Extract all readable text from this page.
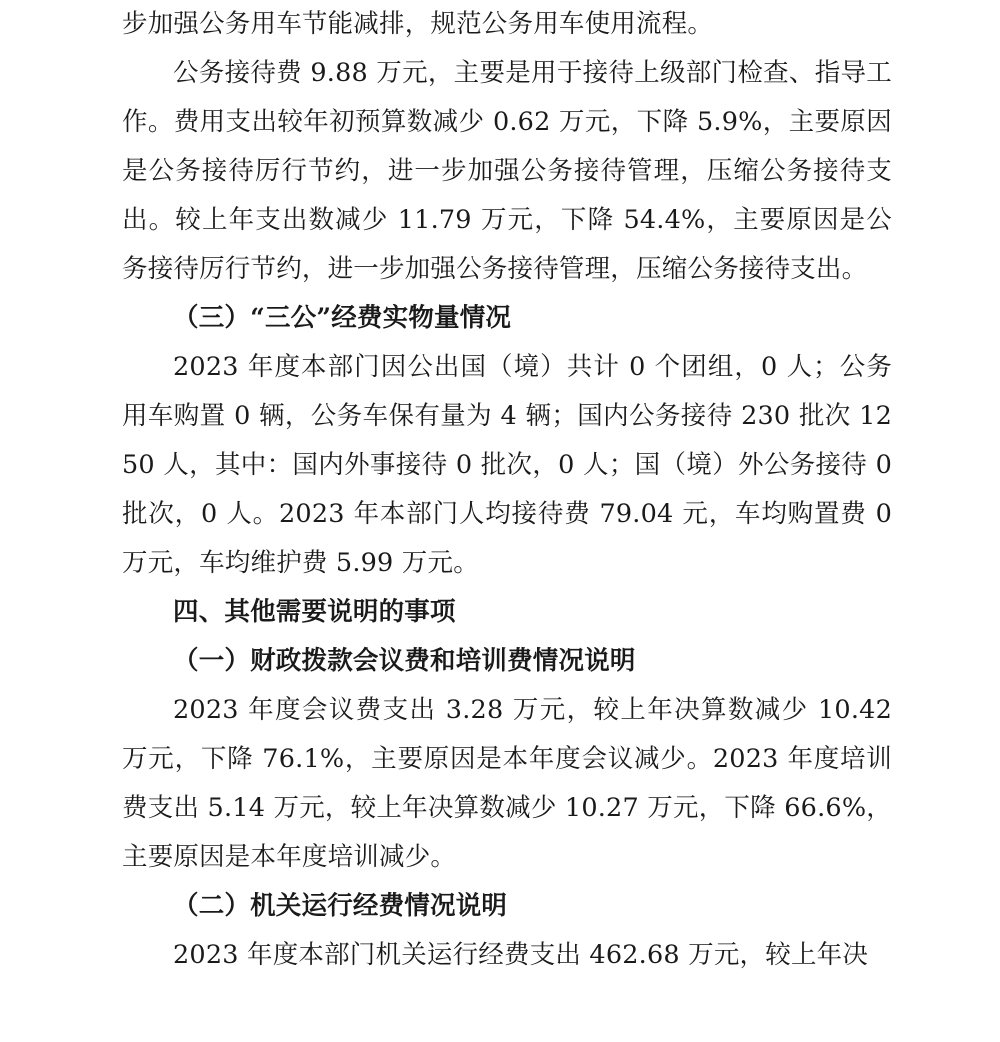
步加强公务用车节能减排，规范公务用车使用流程。

公务接待费 9.88 万元，主要是用于接待上级部门检查、指导工作。费用支出较年初预算数减少 0.62 万元，下降 5.9%，主要原因是公务接待厉行节约，进一步加强公务接待管理，压缩公务接待支出。较上年支出数减少 11.79 万元，下降 54.4%，主要原因是公务接待厉行节约，进一步加强公务接待管理，压缩公务接待支出。

（三）“三公”经费实物量情况

2023 年度本部门因公出国（境）共计 0 个团组，0 人；公务用车购置 0 辆，公务车保有量为 4 辆；国内公务接待 230 批次 1250 人，其中：国内外事接待 0 批次，0 人；国（境）外公务接待 0 批次，0 人。2023 年本部门人均接待费 79.04 元，车均购置费 0 万元，车均维护费 5.99 万元。

四、其他需要说明的事项

（一）财政拨款会议费和培训费情况说明

2023 年度会议费支出 3.28 万元，较上年决算数减少 10.42 万元，下降 76.1%，主要原因是本年度会议减少。2023 年度培训费支出 5.14 万元，较上年决算数减少 10.27 万元，下降 66.6%，主要原因是本年度培训减少。

（二）机关运行经费情况说明

2023 年度本部门机关运行经费支出 462.68 万元，较上年决
